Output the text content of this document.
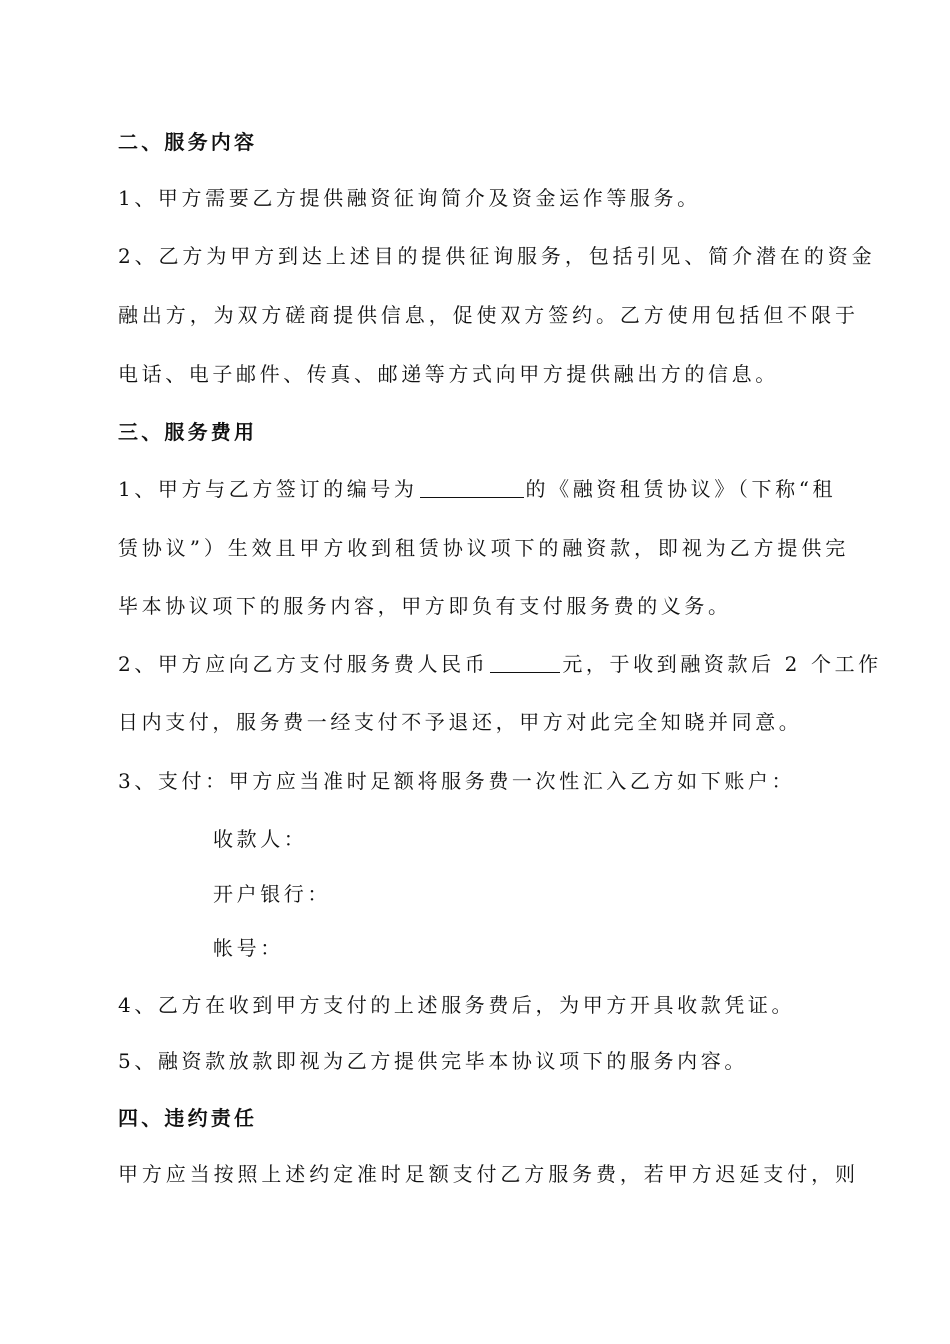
二、服务内容
1、甲方需要乙方提供融资征询简介及资金运作等服务。
2、乙方为甲方到达上述目的提供征询服务，包括引见、简介潜在的资金
融出方，为双方磋商提供信息，促使双方签约。乙方使用包括但不限于
电话、电子邮件、传真、邮递等方式向甲方提供融出方的信息。
三、服务费用
1、甲方与乙方签订的编号为	的《融资租赁协议》（下称“租
赁协议”）生效且甲方收到租赁协议项下的融资款，即视为乙方提供完
毕本协议项下的服务内容，甲方即负有支付服务费的义务。
2、甲方应向乙方支付服务费人民币	元，于收到融资款后 2 个工作
日内支付，服务费一经支付不予退还，甲方对此完全知晓并同意。
3、支付：甲方应当准时足额将服务费一次性汇入乙方如下账户：
收款人：
开户银行：
帐号：
4、乙方在收到甲方支付的上述服务费后，为甲方开具收款凭证。
5、融资款放款即视为乙方提供完毕本协议项下的服务内容。
四、违约责任
甲方应当按照上述约定准时足额支付乙方服务费，若甲方迟延支付，则
